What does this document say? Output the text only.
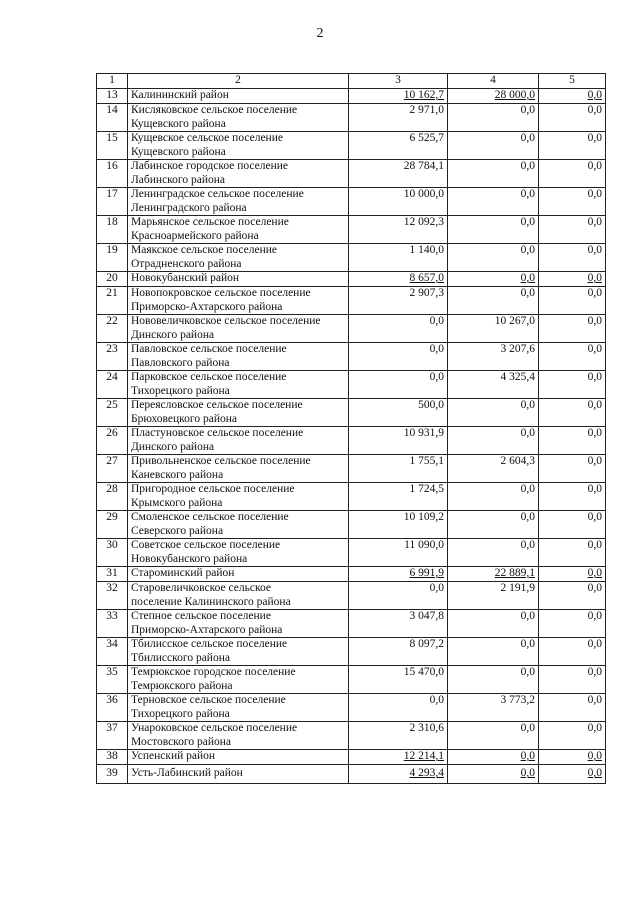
2
1	2	3	4	5
13	Калининский район	10 162,7	28 000,0	0,0
14	Кисляковское сельское поселение
Кущевского района	2 971,0	0,0	0,0
15	Кущевское сельское поселение
Кущевского района	6 525,7	0,0	0,0
16	Лабинское городское поселение
Лабинского района	28 784,1	0,0	0,0
17	Ленинградское сельское поселение
Ленинградского района	10 000,0	0,0	0,0
18	Марьянское сельское поселение
Красноармейского района	12 092,3	0,0	0,0
19	Маякское сельское поселение
Отрадненского района	1 140,0	0,0	0,0
20	Новокубанский район	8 657,0	0,0	0,0
21	Новопокровское сельское поселение
Приморско-Ахтарского района	2 907,3	0,0	0,0
22	Нововеличковское сельское поселение
Динского района	0,0	10 267,0	0,0
23	Павловское сельское поселение
Павловского района	0,0	3 207,6	0,0
24	Парковское сельское поселение
Тихорецкого района	0,0	4 325,4	0,0
25	Переясловское сельское поселение
Брюховецкого района	500,0	0,0	0,0
26	Пластуновское сельское поселение
Динского района	10 931,9	0,0	0,0
27	Привольненское сельское поселение
Каневского района	1 755,1	2 604,3	0,0
28	Пригородное сельское поселение
Крымского района	1 724,5	0,0	0,0
29	Смоленское сельское поселение
Северского района	10 109,2	0,0	0,0
30	Советское сельское поселение
Новокубанского района	11 090,0	0,0	0,0
31	Староминский район	6 991,9	22 889,1	0,0
32	Старовеличковское сельское
поселение Калининского района	0,0	2 191,9	0,0
33	Степное сельское поселение
Приморско-Ахтарского района	3 047,8	0,0	0,0
34	Тбилисское сельское поселение
Тбилисского района	8 097,2	0,0	0,0
35	Темрюкское городское поселение
Темрюкского района	15 470,0	0,0	0,0
36	Терновское сельское поселение
Тихорецкого района	0,0	3 773,2	0,0
37	Унароковское сельское поселение
Мостовского района	2 310,6	0,0	0,0
38	Успенский район	12 214,1	0,0	0,0
39	Усть-Лабинский район	4 293,4	0,0	0,0
